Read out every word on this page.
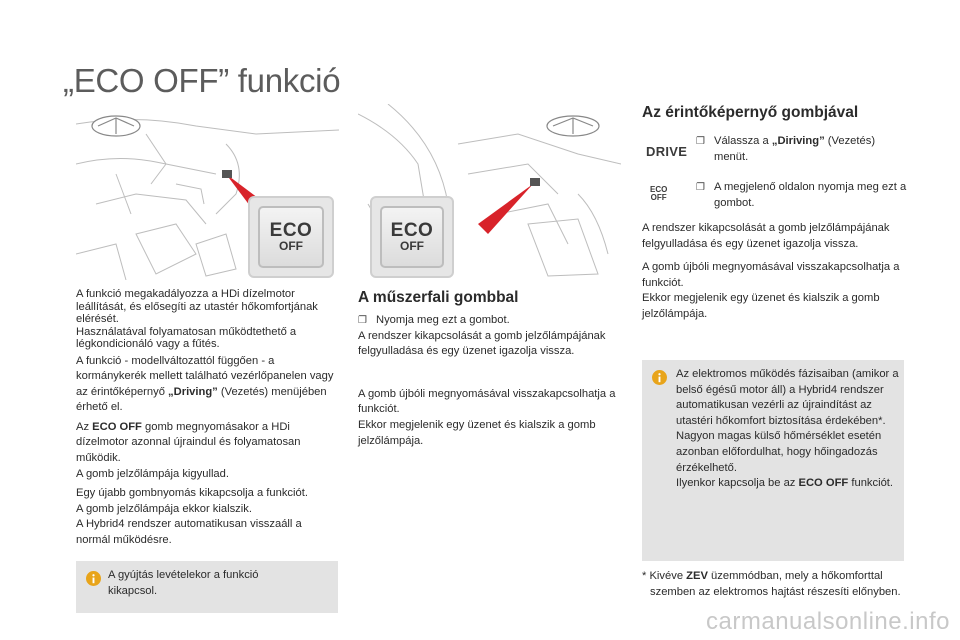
„ECO OFF” funkció
ECO
OFF
ECO
OFF
A funkció megakadályozza a HDi dízelmotor leállítását, és elősegíti az utastér hőkomfortjának elérését.
Használatával folyamatosan működtethető a légkondicionáló vagy a fűtés.

A funkció - modellváltozattól függően - a kormánykerék mellett található vezérlőpanelen vagy az érintőképernyő „Driving” (Vezetés) menüjében érhető el.

Az ECO OFF gomb megnyomásakor a HDi dízelmotor azonnal újraindul és folyamatosan működik.

A gomb jelzőlámpája kigyullad.

Egy újabb gombnyomás kikapcsolja a funkciót.
A gomb jelzőlámpája ekkor kialszik.
A Hybrid4 rendszer automatikusan visszaáll a normál működésre.
A gyújtás levételekor a funkció kikapcsol.
A műszerfali gombbal
❐ Nyomja meg ezt a gombot.
A rendszer kikapcsolását a gomb jelzőlámpájának felgyulladása és egy üzenet igazolja vissza.
A gomb újbóli megnyomásával visszakapcsolhatja a funkciót.
Ekkor megjelenik egy üzenet és kialszik a gomb jelzőlámpája.
Az érintőképernyő gombjával
DRIVE
❐ Válassza a „Diriving” (Vezetés) menüt.
ECO
OFF
❐ A megjelenő oldalon nyomja meg ezt a gombot.

A rendszer kikapcsolását a gomb jelzőlámpájának felgyulladása és egy üzenet igazolja vissza.

A gomb újbóli megnyomásával visszakapcsolhatja a funkciót.
Ekkor megjelenik egy üzenet és kialszik a gomb jelzőlámpája.
Az elektromos működés fázisaiban (amikor a belső égésű motor áll) a Hybrid4 rendszer automatikusan vezérli az újraindítást az utastéri hőkomfort biztosítása érdekében*.
Nagyon magas külső hőmérséklet esetén azonban előfordulhat, hogy hőingadozás érzékelhető.
Ilyenkor kapcsolja be az ECO OFF funkciót.
* Kivéve ZEV üzemmódban, mely a hőkomforttal szemben az elektromos hajtást részesíti előnyben.
carmanualsonline.info
